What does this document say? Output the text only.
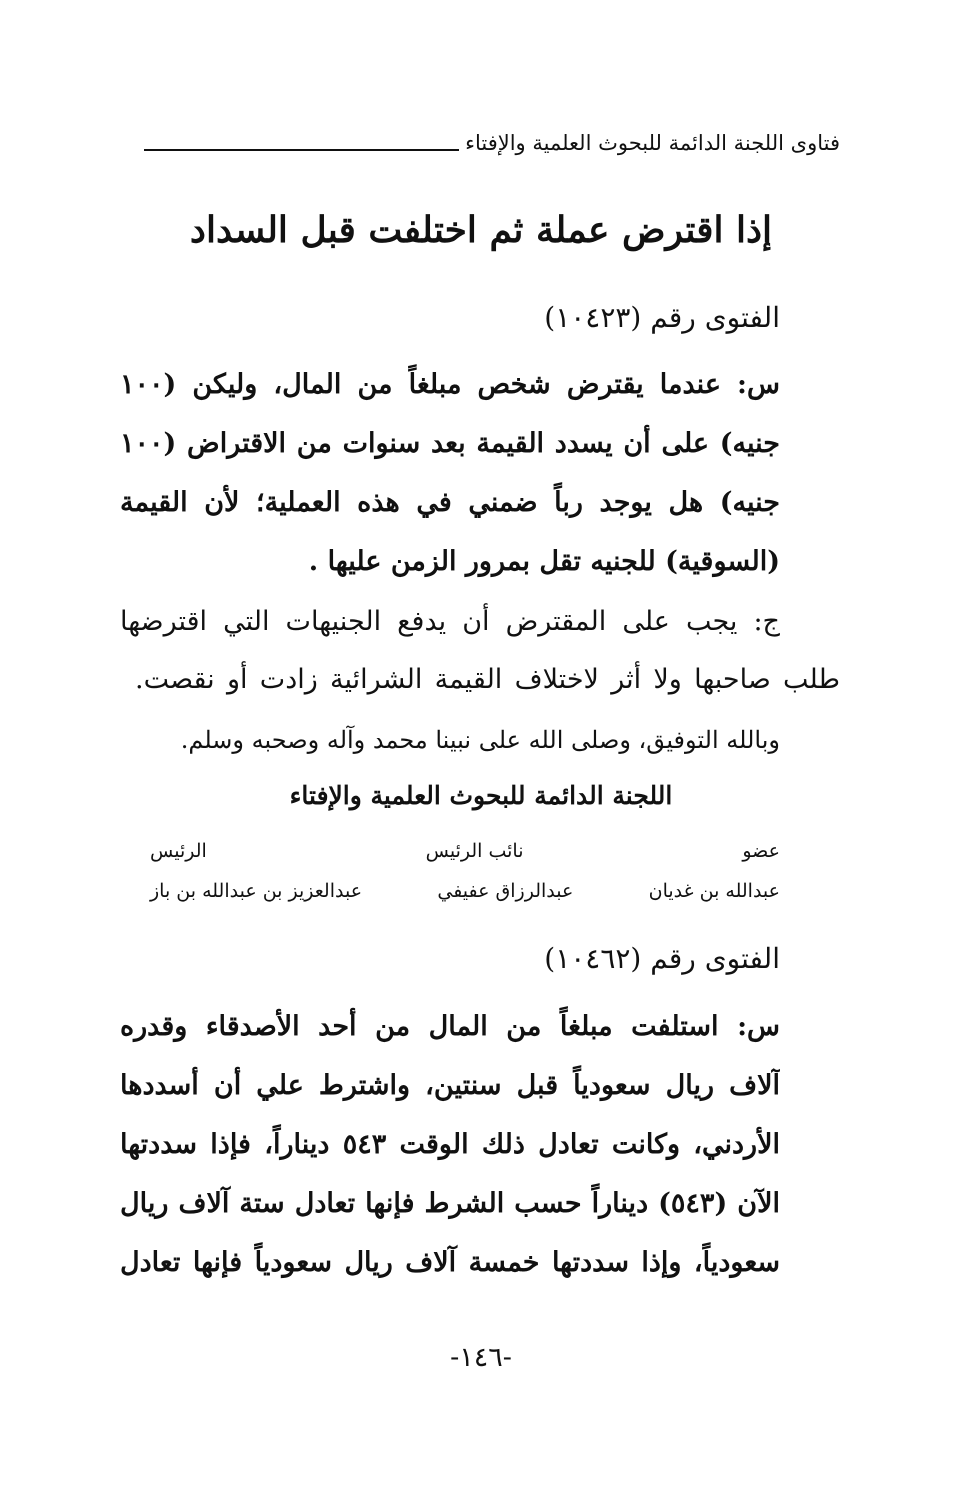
فتاوى اللجنة الدائمة للبحوث العلمية والإفتاء
إذا اقترض عملة ثم اختلفت قبل السداد
الفتوى رقم (١٠٤٢٣)
س: عندما يقترض شخص مبلغاً من المال، وليكن (١٠٠
جنيه) على أن يسدد القيمة بعد سنوات من الاقتراض (١٠٠
جنيه) هل يوجد رباً ضمني في هذه العملية؛ لأن القيمة
(السوقية) للجنيه تقل بمرور الزمن عليها .
ج: يجب على المقترض أن يدفع الجنيهات التي اقترضها
طلب صاحبها ولا أثر لاختلاف القيمة الشرائية زادت أو نقصت.
وبالله التوفيق، وصلى الله على نبينا محمد وآله وصحبه وسلم.
اللجنة الدائمة للبحوث العلمية والإفتاء
عضو
نائب الرئيس
الرئيس
عبدالله بن غديان
عبدالرزاق عفيفي
عبدالعزيز بن عبدالله بن باز
الفتوى رقم (١٠٤٦٢)
س: استلفت مبلغاً من المال من أحد الأصدقاء وقدره
آلاف ريال سعودياً قبل سنتين، واشترط علي أن أسددها
الأردني، وكانت تعادل ذلك الوقت ٥٤٣ ديناراً، فإذا سددتها
الآن (٥٤٣) ديناراً حسب الشرط فإنها تعادل ستة آلاف ريال
سعودياً، وإذا سددتها خمسة آلاف ريال سعودياً فإنها تعادل
-١٤٦-
